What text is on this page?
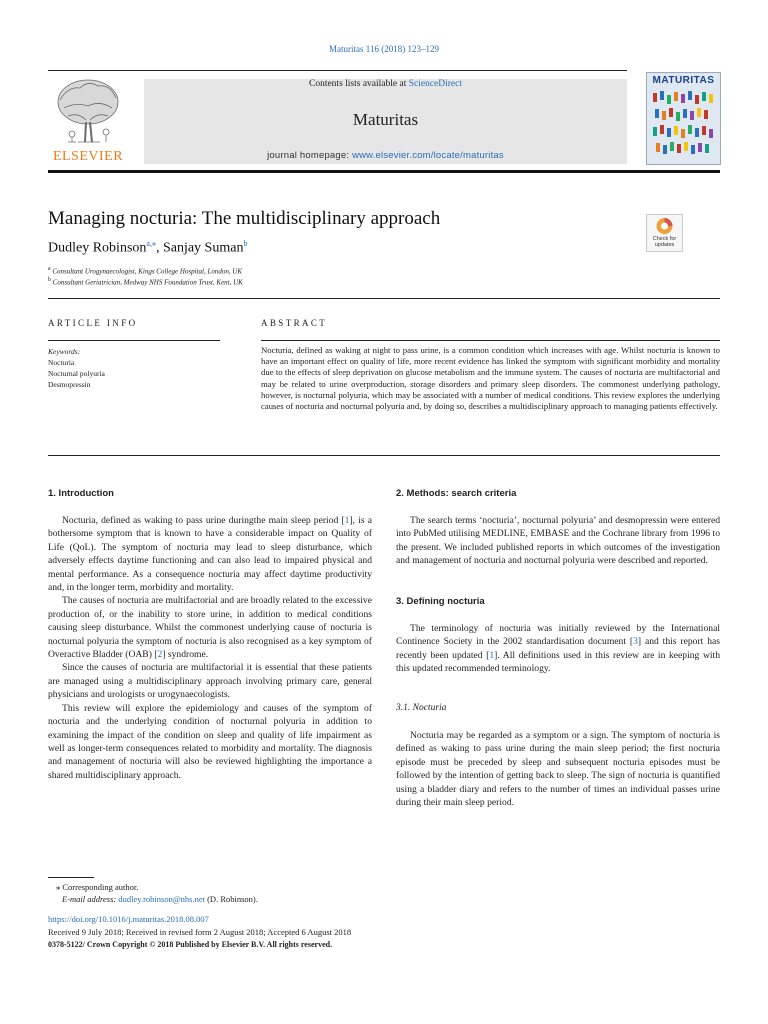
Maturitas 116 (2018) 123–129
ELSEVIER
Contents lists available at ScienceDirect
Maturitas
journal homepage: www.elsevier.com/locate/maturitas
MATURITAS
Managing nocturia: The multidisciplinary approach
Check for updates
Dudley Robinson$^{a,⁎}$, Sanjay Suman$^b$
$^a$ Consultant Urogynaecologist, Kings College Hospital, London, UK
$^b$ Consultant Geriatrician, Medway NHS Foundation Trust, Kent, UK
ARTICLE INFO	ABSTRACT
Keywords:
Nocturia
Nocturnal polyuria
Desmopressin
Nocturia, defined as waking at night to pass urine, is a common condition which increases with age. Whilst nocturia is known to have an important effect on quality of life, more recent evidence has linked the symptom with significant morbidity and mortality due to the effects of sleep deprivation on glucose metabolism and the immune system. The causes of nocturia are multifactorial and may be related to urine overproduction, storage disorders and primary sleep disorders. The commonest underlying pathology, however, is nocturnal polyuria, which may be associated with a number of medical conditions. This review explores the underlying causes of nocturia and nocturnal polyuria and, by doing so, describes a multidisciplinary approach to managing patients effectively.
1. Introduction

Nocturia, defined as waking to pass urine duringthe main sleep period [1], is a bothersome symptom that is known to have a considerable impact on Quality of Life (QoL). The symptom of nocturia may lead to sleep disturbance, which adversely effects daytime functioning and can also lead to impaired physical and mental performance. As a consequence nocturia may affect daytime productivity and, in the longer term, morbidity and mortality.

The causes of nocturia are multifactorial and are broadly related to the excessive production of, or the inability to store urine, in addition to medical conditions causing sleep disturbance. Whilst the commonest underlying cause of nocturia is nocturnal polyuria the symptom of nocturia is also recognised as a key symptom of Overactive Bladder (OAB) [2] syndrome.

Since the causes of nocturia are multifactorial it is essential that these patients are managed using a multidisciplinary approach involving primary care, general physicians and urologists or urogynaecologists.

This review will explore the epidemiology and causes of the symptom of nocturia and the underlying condition of nocturnal polyuria in addition to examining the impact of the condition on sleep and quality of life impairment as well as longer-term consequences related to morbidity and mortality. The diagnosis and management of nocturia will also be reviewed highlighting the importance a shared multidisciplinary approach.

2. Methods: search criteria

The search terms ‘nocturia’, nocturnal polyuria’ and desmopressin were entered into PubMed utilising MEDLINE, EMBASE and the Cochrane library from 1996 to the present. We included published reports in which outcomes of the investigation and management of nocturia and nocturnal polyuria were described and reported.

3. Defining nocturia

The terminology of nocturia was initially reviewed by the International Continence Society in the 2002 standardisation document [3] and this report has recently been updated [1]. All definitions used in this review are in keeping with this updated recommended terminology.

3.1. Nocturia

Nocturia may be regarded as a symptom or a sign. The symptom of nocturia is defined as waking to pass urine during the main sleep period; the first nocturia episode must be preceded by sleep and subsequent nocturia episodes must be followed by the intention of getting back to sleep. The sign of nocturia is quantified using a bladder diary and refers to the number of times an individual passes urine during their main sleep period.

⁎ Corresponding author.
E-mail address: dudley.robinson@nhs.net (D. Robinson).
https://doi.org/10.1016/j.maturitas.2018.08.007
Received 9 July 2018; Received in revised form 2 August 2018; Accepted 6 August 2018
0378-5122/ Crown Copyright © 2018 Published by Elsevier B.V. All rights reserved.
